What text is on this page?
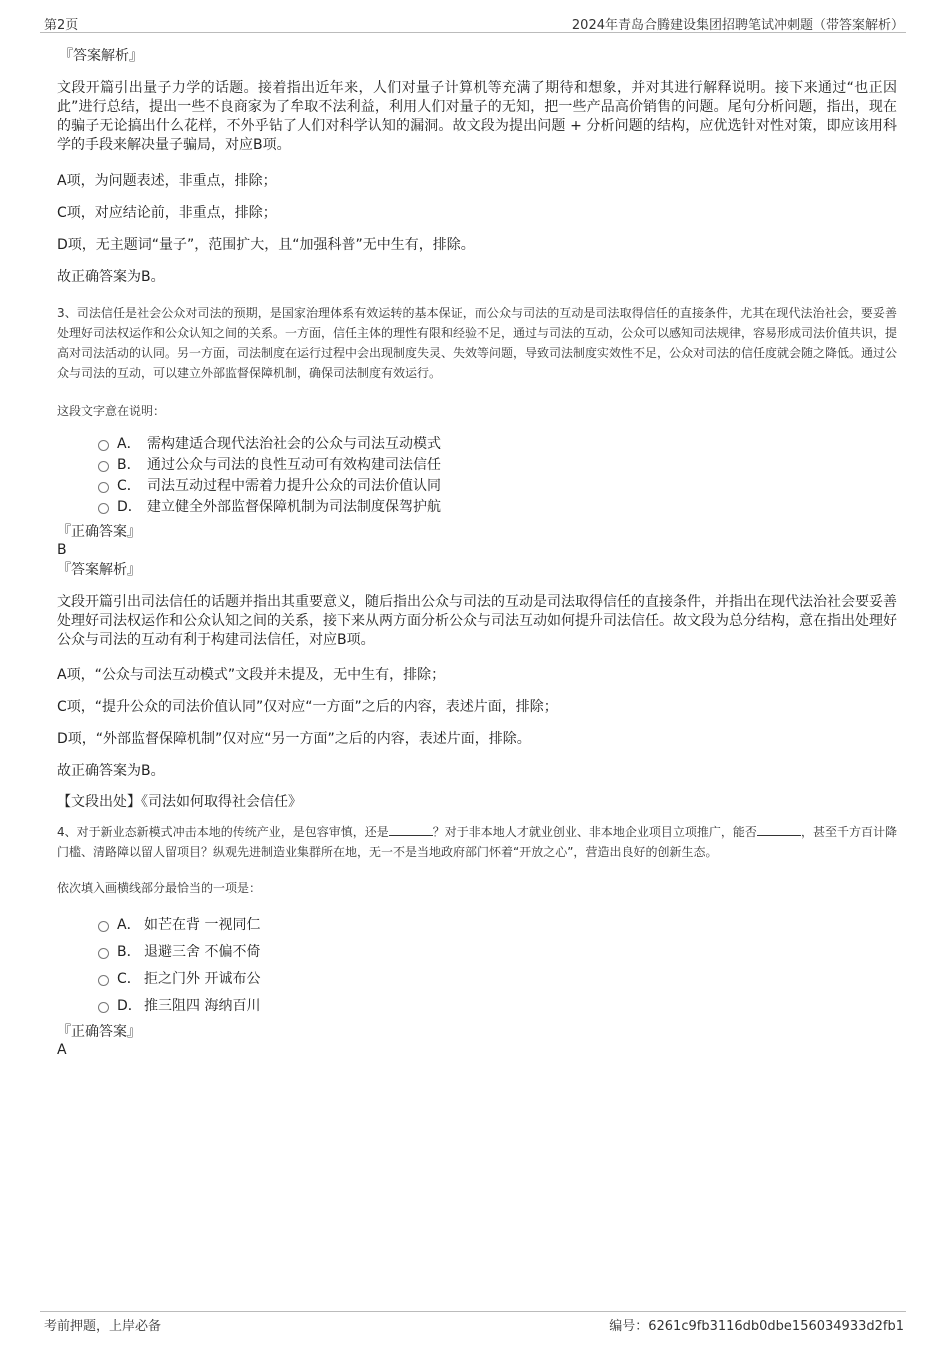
第2页	2024年青岛合腾建设集团招聘笔试冲刺题（带答案解析）

『答案解析』

文段开篇引出量子力学的话题。接着指出近年来，人们对量子计算机等充满了期待和想象，并对其进行解释说明。接下来通过“也正因此”进行总结，提出一些不良商家为了牟取不法利益，利用人们对量子的无知，把一些产品高价销售的问题。尾句分析问题，指出，现在的骗子无论搞出什么花样，不外乎钻了人们对科学认知的漏洞。故文段为提出问题 + 分析问题的结构，应优选针对性对策，即应该用科学的手段来解决量子骗局，对应B项。

A项，为问题表述，非重点，排除；

C项，对应结论前，非重点，排除；

D项，无主题词“量子”，范围扩大，且“加强科普”无中生有，排除。

故正确答案为B。

3、司法信任是社会公众对司法的预期，是国家治理体系有效运转的基本保证，而公众与司法的互动是司法取得信任的直接条件，尤其在现代法治社会，要妥善处理好司法权运作和公众认知之间的关系。一方面，信任主体的理性有限和经验不足，通过与司法的互动，公众可以感知司法规律，容易形成司法价值共识，提高对司法活动的认同。另一方面，司法制度在运行过程中会出现制度失灵、失效等问题，导致司法制度实效性不足，公众对司法的信任度就会随之降低。通过公众与司法的互动，可以建立外部监督保障机制，确保司法制度有效运行。

这段文字意在说明：

A． 需构建适合现代法治社会的公众与司法互动模式
B． 通过公众与司法的良性互动可有效构建司法信任
C． 司法互动过程中需着力提升公众的司法价值认同
D． 建立健全外部监督保障机制为司法制度保驾护航

『正确答案』

B

『答案解析』

文段开篇引出司法信任的话题并指出其重要意义，随后指出公众与司法的互动是司法取得信任的直接条件，并指出在现代法治社会要妥善处理好司法权运作和公众认知之间的关系，接下来从两方面分析公众与司法互动如何提升司法信任。故文段为总分结构，意在指出处理好公众与司法的互动有利于构建司法信任，对应B项。

A项，“公众与司法互动模式”文段并未提及，无中生有，排除；

C项，“提升公众的司法价值认同”仅对应“一方面”之后的内容，表述片面，排除；

D项，“外部监督保障机制”仅对应“另一方面”之后的内容，表述片面，排除。

故正确答案为B。

【文段出处】《司法如何取得社会信任》

4、对于新业态新模式冲击本地的传统产业，是包容审慎，还是	？对于非本地人才就业创业、非本地企业项目立项推广，能否	，甚至千方百计降门槛、清路障以留人留项目？纵观先进制造业集群所在地，无一不是当地政府部门怀着“开放之心”，营造出良好的创新生态。

依次填入画横线部分最恰当的一项是：

A． 如芒在背 一视同仁
B． 退避三舍 不偏不倚
C． 拒之门外 开诚布公
D． 推三阻四 海纳百川

『正确答案』

A

考前押题，上岸必备	编号：6261c9fb3116db0dbe156034933d2fb1
